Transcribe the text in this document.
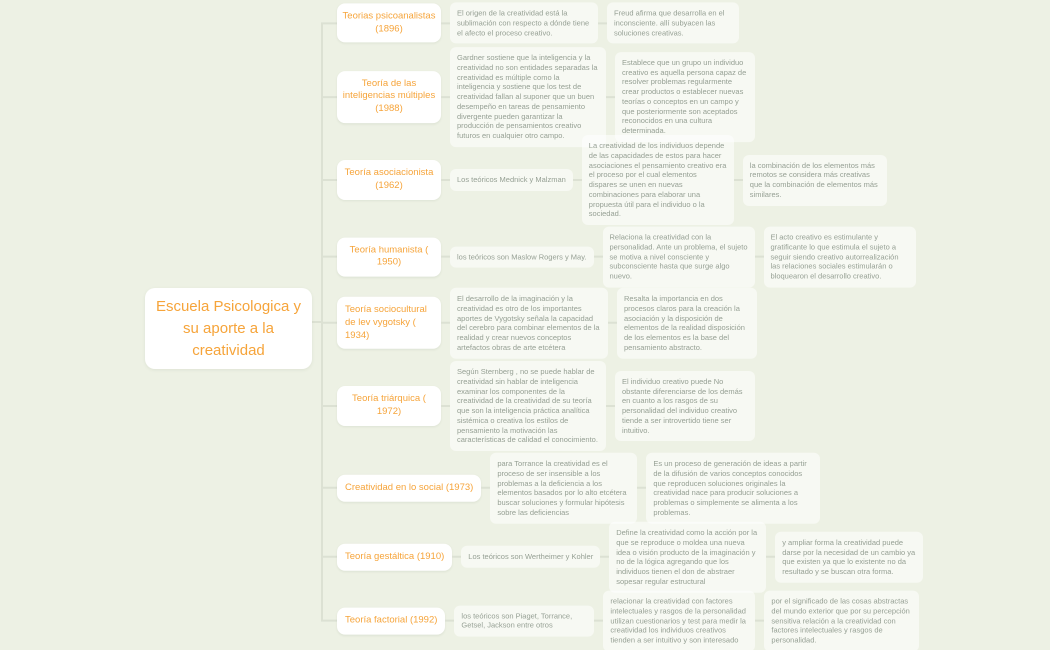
Escuela Psicologica y su aporte a la creatividad
Teorias psicoanalistas (1896)
El origen de la creatividad está la sublimación con respecto a dónde tiene el afecto el proceso creativo.
Freud afirma que desarrolla en el inconsciente. allí subyacen las soluciones creativas.
Teoría de las inteligencias múltiples (1988)
Gardner sostiene que la inteligencia y la creatividad no son entidades separadas la creatividad es múltiple como la inteligencia y sostiene que los test de creatividad fallan al suponer que un buen desempeño en tareas de pensamiento divergente pueden garantizar la producción de pensamientos creativo futuros en cualquier otro campo.
Establece que un grupo un individuo creativo es aquella persona capaz de resolver problemas regularmente crear productos o establecer nuevas teorías o conceptos en un campo y que posteriormente son aceptados reconocidos en una cultura determinada.
Teoría asociacionista (1962)
Los teóricos Mednick y Malzman
La creatividad de los individuos depende de las capacidades de estos para hacer asociaciones el pensamiento creativo era el proceso por el cual elementos dispares se unen en nuevas combinaciones para elaborar una propuesta útil para el individuo o la sociedad.
la combinación de los elementos más remotos se considera más creativas que la combinación de elementos más similares.
Teoría humanista ( 1950)
los teóricos son Maslow Rogers y May.
Relaciona la creatividad con la personalidad. Ante un problema, el sujeto se motiva a nivel consciente y subconsciente hasta que surge algo nuevo.
El acto creativo es estimulante y gratificante lo que estimula el sujeto a seguir siendo creativo autorrealización las relaciones sociales estimularán o bloquearon el desarrollo creativo.
Teoría sociocultural de lev vygotsky ( 1934)
El desarrollo de la imaginación y la creatividad es otro de los importantes aportes de Vygotsky señala la capacidad del cerebro para combinar elementos de la realidad y crear nuevos conceptos artefactos obras de arte etcétera
Resalta la importancia en dos procesos claros para la creación la asociación y la disposición de elementos de la realidad disposición de los elementos es la base del pensamiento abstracto.
Teoría triárquica ( 1972)
Según Sternberg , no se puede hablar de creatividad sin hablar de inteligencia examinar los componentes de la creatividad de la creatividad de su teoría que son la inteligencia práctica analítica sistémica o creativa los estilos de pensamiento la motivación las características de calidad el conocimiento.
El individuo creativo puede No obstante diferenciarse de los demás en cuanto a los rasgos de su personalidad del individuo creativo tiende a ser introvertido tiene ser intuitivo.
Creatividad en lo social (1973)
para Torrance la creatividad es el proceso de ser insensible a los problemas a la deficiencia a los elementos basados por lo alto etcétera buscar soluciones y formular hipótesis sobre las deficiencias
Es un proceso de generación de ideas a partir de la difusión de varios conceptos conocidos que reproducen soluciones originales la creatividad nace para producir soluciones a problemas o simplemente se alimenta a los problemas.
Teoría gestáltica (1910)	Los teóricos son Wertheimer y Kohler
Define la creatividad como la acción por la que se reproduce o moldea una nueva idea o visión producto de la imaginación y no de la lógica agregando que los individuos tienen el don de abstraer sopesar regular estructural
y ampliar forma la creatividad puede darse por la necesidad de un cambio ya que existen ya que lo existente no da resultado y se buscan otra forma.
Teoría factorial (1992)	los teóricos son Piaget, Torrance, Getsel, Jackson entre otros
relacionar la creatividad con factores intelectuales y rasgos de la personalidad utilizan cuestionarios y test para medir la creatividad los individuos creativos tienden a ser intuitivo y son interesado
por el significado de las cosas abstractas del mundo exterior que por su percepción sensitiva relación a la creatividad con factores intelectuales y rasgos de personalidad.
